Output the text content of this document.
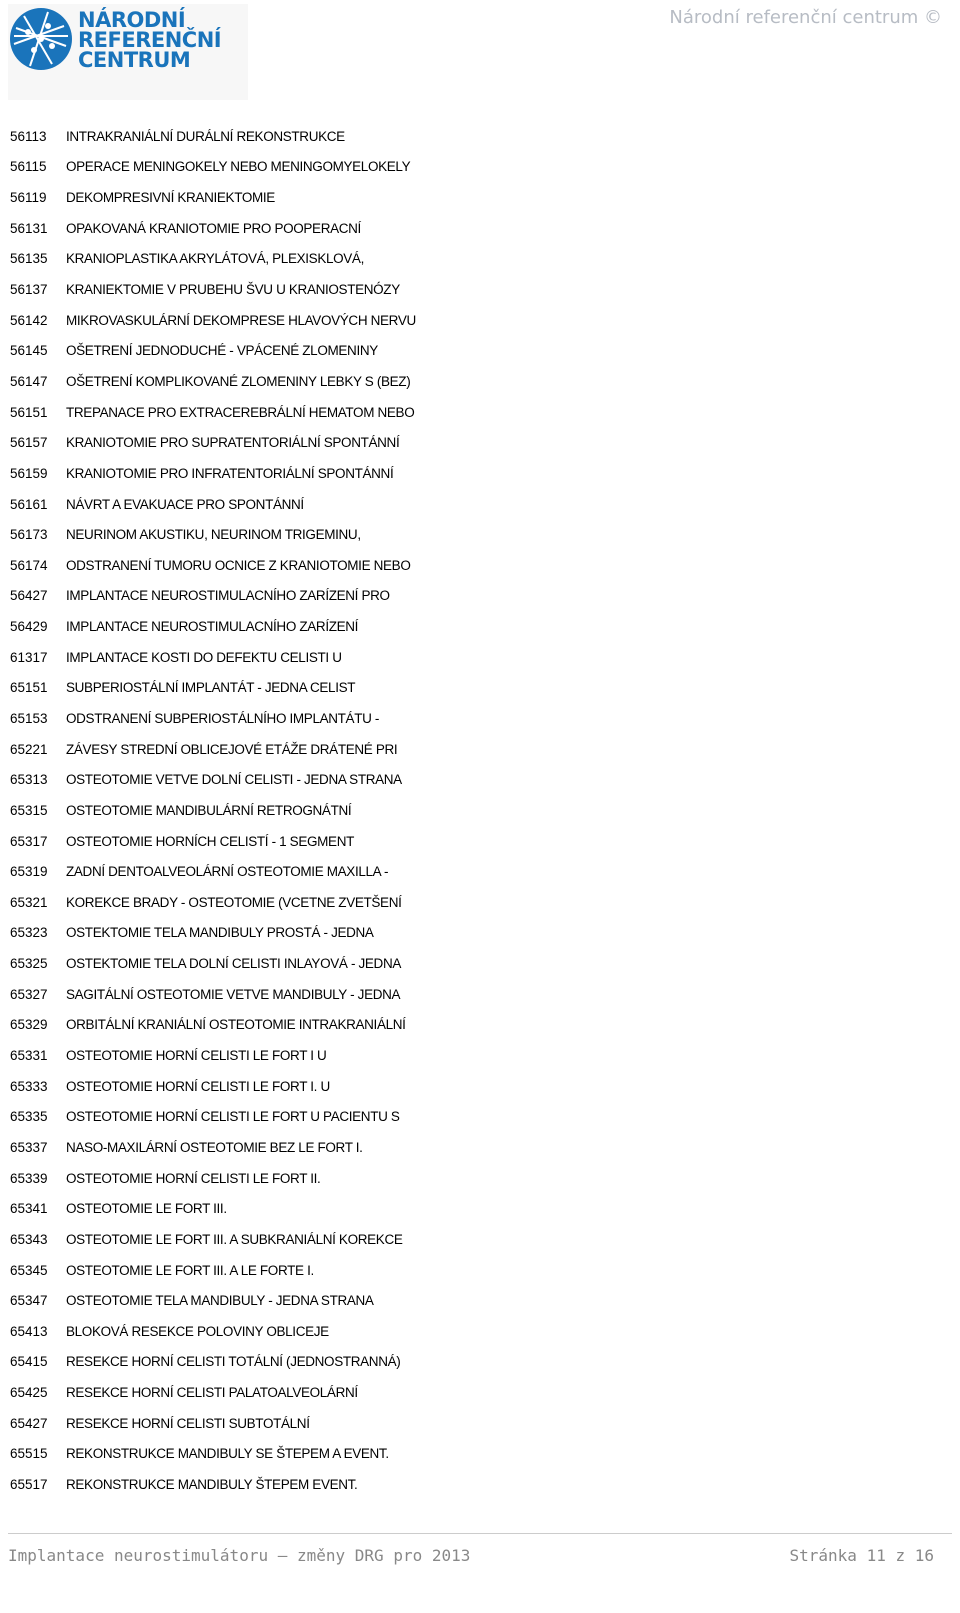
NÁRODNÍ
REFERENČNÍ
CENTRUM
Národní referenční centrum ©
56113	INTRAKRANIÁLNÍ DURÁLNÍ REKONSTRUKCE
56115	OPERACE MENINGOKELY NEBO MENINGOMYELOKELY
56119	DEKOMPRESIVNÍ KRANIEKTOMIE
56131	OPAKOVANÁ KRANIOTOMIE PRO POOPERACNÍ
56135	KRANIOPLASTIKA AKRYLÁTOVÁ, PLEXISKLOVÁ,
56137	KRANIEKTOMIE V PRUBEHU ŠVU U KRANIOSTENÓZY
56142	MIKROVASKULÁRNÍ DEKOMPRESE HLAVOVÝCH NERVU
56145	OŠETRENÍ JEDNODUCHÉ - VPÁCENÉ ZLOMENINY
56147	OŠETRENÍ KOMPLIKOVANÉ ZLOMENINY LEBKY S (BEZ)
56151	TREPANACE PRO EXTRACEREBRÁLNÍ HEMATOM NEBO
56157	KRANIOTOMIE PRO SUPRATENTORIÁLNÍ SPONTÁNNÍ
56159	KRANIOTOMIE PRO INFRATENTORIÁLNÍ SPONTÁNNÍ
56161	NÁVRT A EVAKUACE PRO SPONTÁNNÍ
56173	NEURINOM AKUSTIKU, NEURINOM TRIGEMINU,
56174	ODSTRANENÍ TUMORU OCNICE Z KRANIOTOMIE NEBO
56427	IMPLANTACE NEUROSTIMULACNÍHO ZARÍZENÍ PRO
56429	IMPLANTACE NEUROSTIMULACNÍHO ZARÍZENÍ
61317	IMPLANTACE KOSTI DO DEFEKTU CELISTI U
65151	SUBPERIOSTÁLNÍ IMPLANTÁT - JEDNA CELIST
65153	ODSTRANENÍ SUBPERIOSTÁLNÍHO IMPLANTÁTU -
65221	ZÁVESY STREDNÍ OBLICEJOVÉ ETÁŽE DRÁTENÉ PRI
65313	OSTEOTOMIE VETVE DOLNÍ CELISTI - JEDNA STRANA
65315	OSTEOTOMIE MANDIBULÁRNÍ RETROGNÁTNÍ
65317	OSTEOTOMIE HORNÍCH CELISTÍ - 1 SEGMENT
65319	ZADNÍ DENTOALVEOLÁRNÍ OSTEOTOMIE MAXILLA -
65321	KOREKCE BRADY - OSTEOTOMIE (VCETNE ZVETŠENÍ
65323	OSTEKTOMIE TELA MANDIBULY PROSTÁ - JEDNA
65325	OSTEKTOMIE TELA DOLNÍ CELISTI INLAYOVÁ - JEDNA
65327	SAGITÁLNÍ OSTEOTOMIE VETVE MANDIBULY - JEDNA
65329	ORBITÁLNÍ KRANIÁLNÍ OSTEOTOMIE INTRAKRANIÁLNÍ
65331	OSTEOTOMIE HORNÍ CELISTI LE FORT I U
65333	OSTEOTOMIE HORNÍ CELISTI LE FORT I. U
65335	OSTEOTOMIE HORNÍ CELISTI LE FORT U PACIENTU S
65337	NASO-MAXILÁRNÍ OSTEOTOMIE BEZ LE FORT I.
65339	OSTEOTOMIE HORNÍ CELISTI LE FORT II.
65341	OSTEOTOMIE LE FORT III.
65343	OSTEOTOMIE LE FORT III. A SUBKRANIÁLNÍ KOREKCE
65345	OSTEOTOMIE LE FORT III. A LE FORTE I.
65347	OSTEOTOMIE TELA MANDIBULY - JEDNA STRANA
65413	BLOKOVÁ RESEKCE POLOVINY OBLICEJE
65415	RESEKCE HORNÍ CELISTI TOTÁLNÍ (JEDNOSTRANNÁ)
65425	RESEKCE HORNÍ CELISTI PALATOALVEOLÁRNÍ
65427	RESEKCE HORNÍ CELISTI SUBTOTÁLNÍ
65515	REKONSTRUKCE MANDIBULY SE ŠTEPEM A EVENT.
65517	REKONSTRUKCE MANDIBULY ŠTEPEM EVENT.
Implantace neurostimulátoru – změny DRG pro 2013	Stránka 11 z 16
